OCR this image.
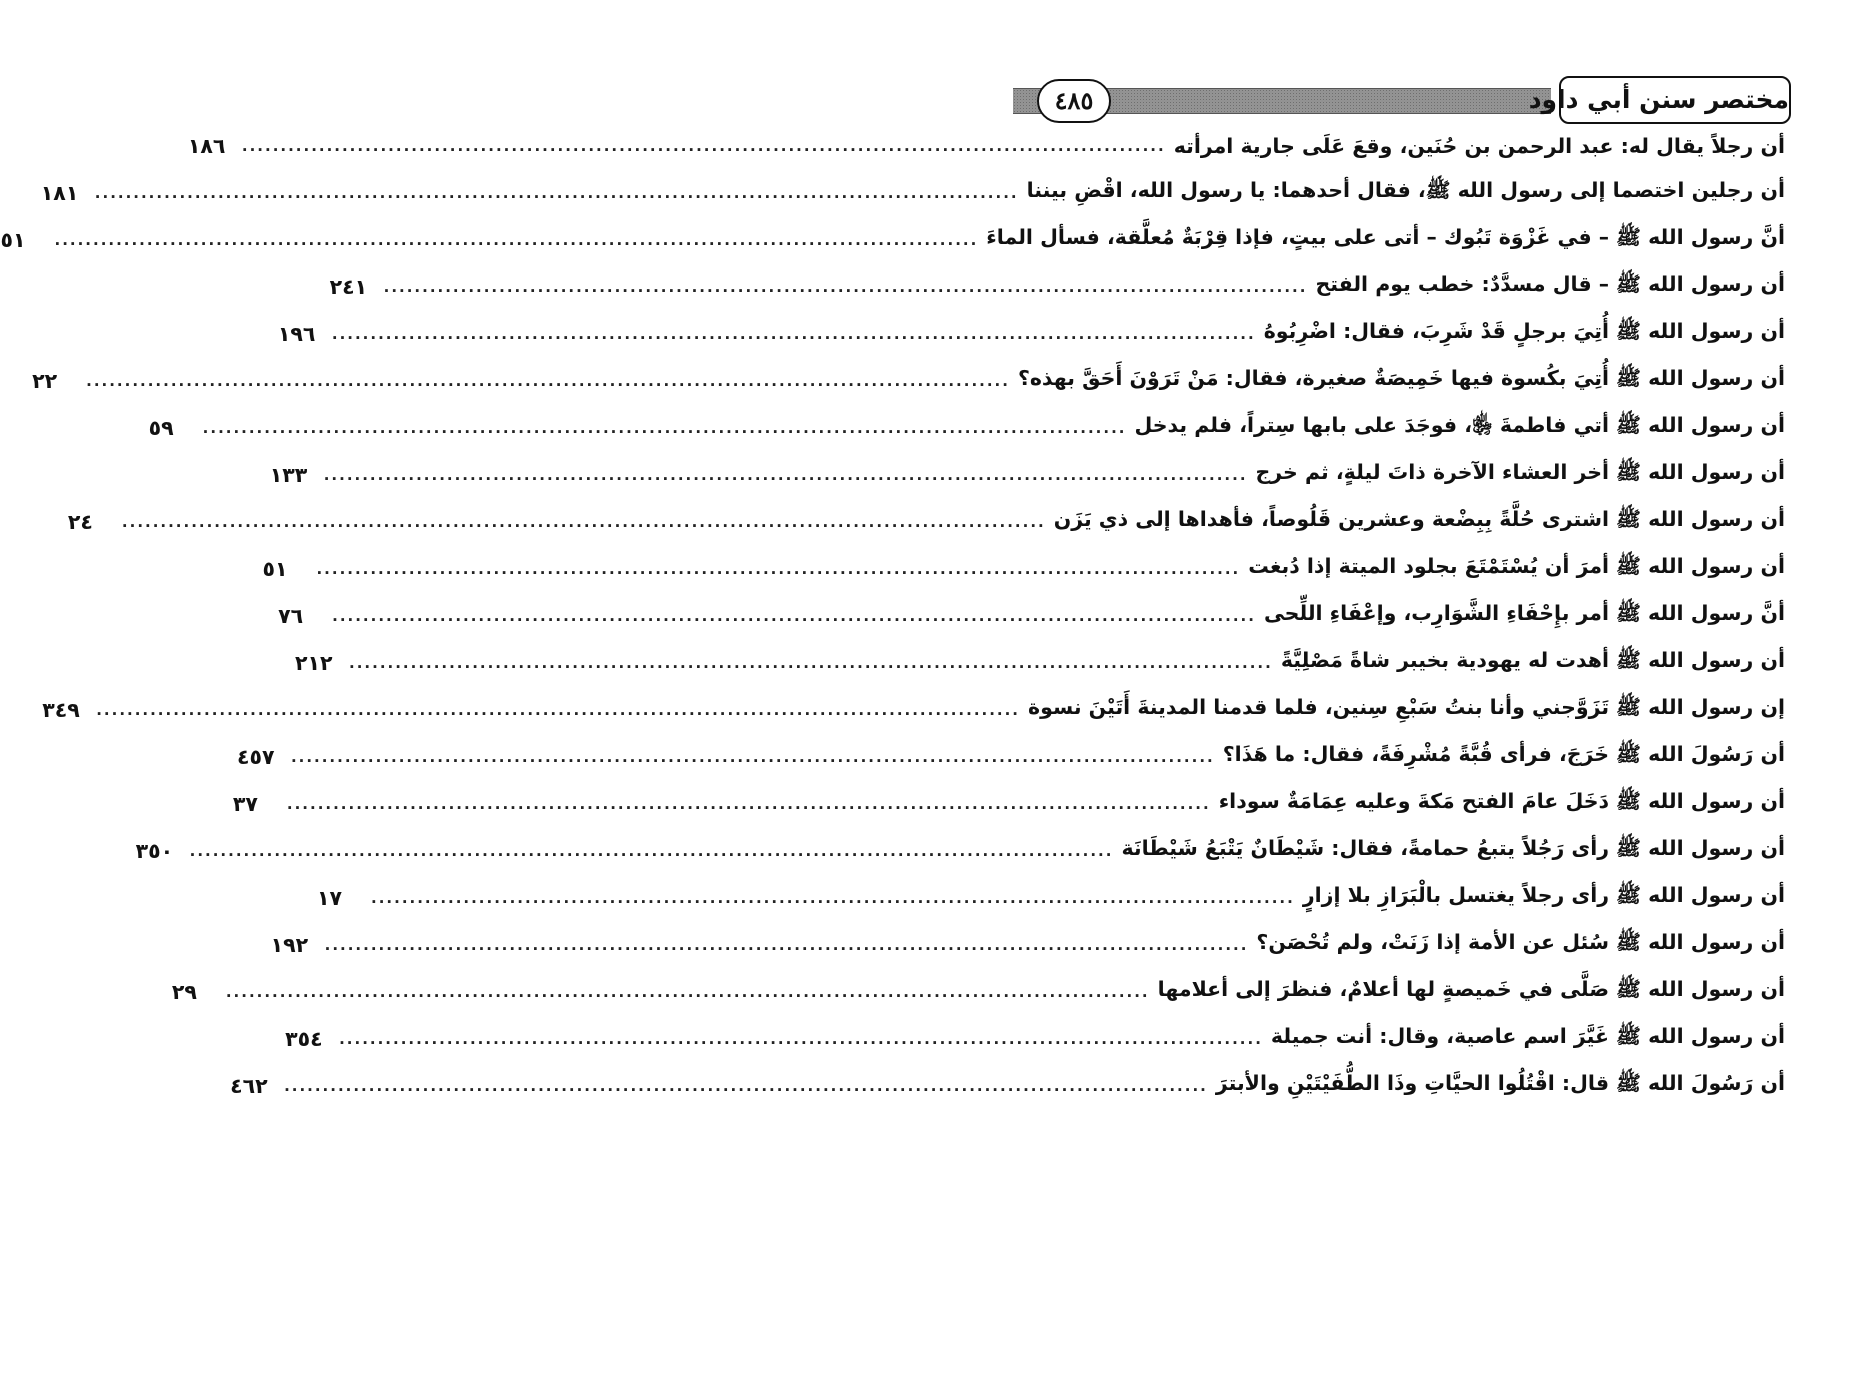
٤٨٥	مختصر سنن أبي داود
أن رجلاً يقال له: عبد الرحمن بن حُنَين، وقعَ عَلَى جارية امرأته
........................................................................................................................
١٨٦
أن رجلين اختصما إلى رسول الله ﷺ، فقال أحدهما: يا رسول الله، اقْضِ بيننا
........................................................................................................................
١٨١
أنَّ رسول الله ﷺ – في غَزْوَة تَبُوك – أتى على بيتٍ، فإذا قِرْبَةٌ مُعلَّقة، فسأل الماءَ
........................................................................................................................
٥١
أن رسول الله ﷺ – قال مسدَّدٌ: خطب يوم الفتح
........................................................................................................................
٢٤١
أن رسول الله ﷺ أُتِيَ برجلٍ قَدْ شَرِبَ، فقال: اضْرِبُوهُ
........................................................................................................................
١٩٦
أن رسول الله ﷺ أُتِيَ بكُسوة فيها خَمِيصَةٌ صغيرة، فقال: مَنْ تَرَوْنَ أَحَقَّ بهذه؟
........................................................................................................................
٢٢
أن رسول الله ﷺ أتي فاطمةَ ﵂، فوجَدَ على بابها سِتراً، فلم يدخل
........................................................................................................................
٥٩
أن رسول الله ﷺ أخر العشاء الآخرة ذاتَ ليلةٍ، ثم خرج
........................................................................................................................
١٣٣
أن رسول الله ﷺ اشترى حُلَّةً بِبِضْعة وعشرين قَلُوصاً، فأهداها إلى ذي يَزَن
........................................................................................................................
٢٤
أن رسول الله ﷺ أمرَ أن يُسْتَمْتَعَ بجلود الميتة إذا دُبغت
........................................................................................................................
٥١
أنَّ رسول الله ﷺ أمر بإِحْفَاءِ الشَّوَارِب، وإعْفَاءِ اللِّحى
........................................................................................................................
٧٦
أن رسول الله ﷺ أهدت له يهودية بخيبر شاةً مَصْلِيَّةً
........................................................................................................................
٢١٢
إن رسول الله ﷺ تَزَوَّجني وأنا بنتُ سَبْعِ سِنين، فلما قدمنا المدينةَ أَتَيْنَ نسوة
........................................................................................................................
٣٤٩
أن رَسُولَ الله ﷺ خَرَجَ، فرأى قُبَّةً مُشْرِفَةً، فقال: ما هَذَا؟
........................................................................................................................
٤٥٧
أن رسول الله ﷺ دَخَلَ عامَ الفتح مَكةَ وعليه عِمَامَةٌ سوداء
........................................................................................................................
٣٧
أن رسول الله ﷺ رأى رَجُلاً يتبعُ حمامةً، فقال: شَيْطَانٌ يَتْبَعُ شَيْطَانَة
........................................................................................................................
٣٥٠
أن رسول الله ﷺ رأى رجلاً يغتسل بالْبَرَازِ بلا إزارٍ
........................................................................................................................
١٧
أن رسول الله ﷺ سُئل عن الأمة إذا زَنَتْ، ولم تُحْصَن؟
........................................................................................................................
١٩٢
أن رسول الله ﷺ صَلَّى في خَميصةٍ لها أعلامٌ، فنظرَ إلى أعلامها
........................................................................................................................
٢٩
أن رسول الله ﷺ غَيَّرَ اسم عاصية، وقال: أنت جميلة
........................................................................................................................
٣٥٤
أن رَسُولَ الله ﷺ قال: اقْتُلُوا الحيَّاتِ وذَا الطُّفَيْتَيْنِ والأبترَ
........................................................................................................................
٤٦٢
